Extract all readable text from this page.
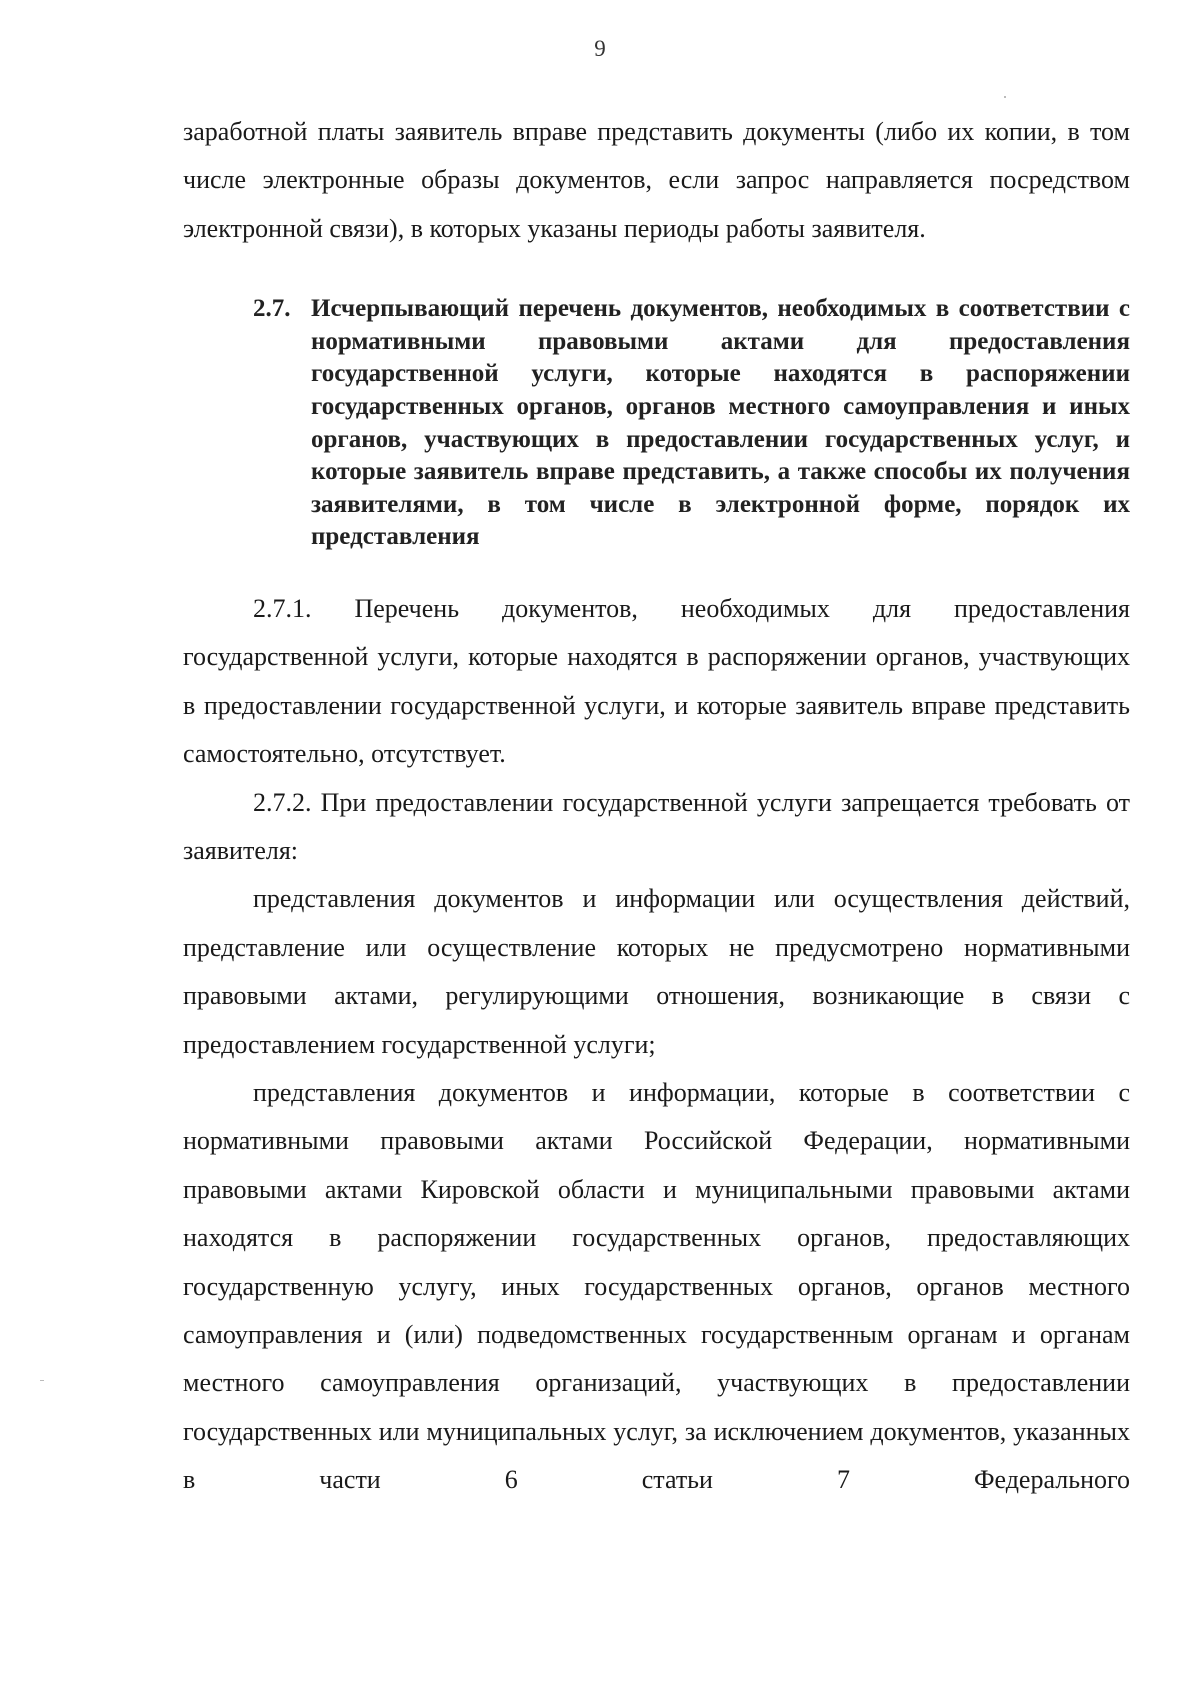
9

заработной платы заявитель вправе представить документы (либо их копии, в том числе электронные образы документов, если запрос направляется посредством электронной связи), в которых указаны периоды работы заявителя.

2.7. Исчерпывающий перечень документов, необходимых в соответствии с нормативными правовыми актами для предоставления государственной услуги, которые находятся в распоряжении государственных органов, органов местного самоуправления и иных органов, участвующих в предоставлении государственных услуг, и которые заявитель вправе представить, а также способы их получения заявителями, в том числе в электронной форме, порядок их представления

2.7.1. Перечень документов, необходимых для предоставления государственной услуги, которые находятся в распоряжении органов, участвующих в предоставлении государственной услуги, и которые заявитель вправе представить самостоятельно, отсутствует.

2.7.2. При предоставлении государственной услуги запрещается требовать от заявителя:

представления документов и информации или осуществления действий, представление или осуществление которых не предусмотрено нормативными правовыми актами, регулирующими отношения, возникающие в связи с предоставлением государственной услуги;

представления документов и информации, которые в соответствии с нормативными правовыми актами Российской Федерации, нормативными правовыми актами Кировской области и муниципальными правовыми актами находятся в распоряжении государственных органов, предоставляющих государственную услугу, иных государственных органов, органов местного самоуправления и (или) подведомственных государственным органам и органам местного самоуправления организаций, участвующих в предоставлении государственных или муниципальных услуг, за исключением документов, указанных в части 6 статьи 7 Федерального
